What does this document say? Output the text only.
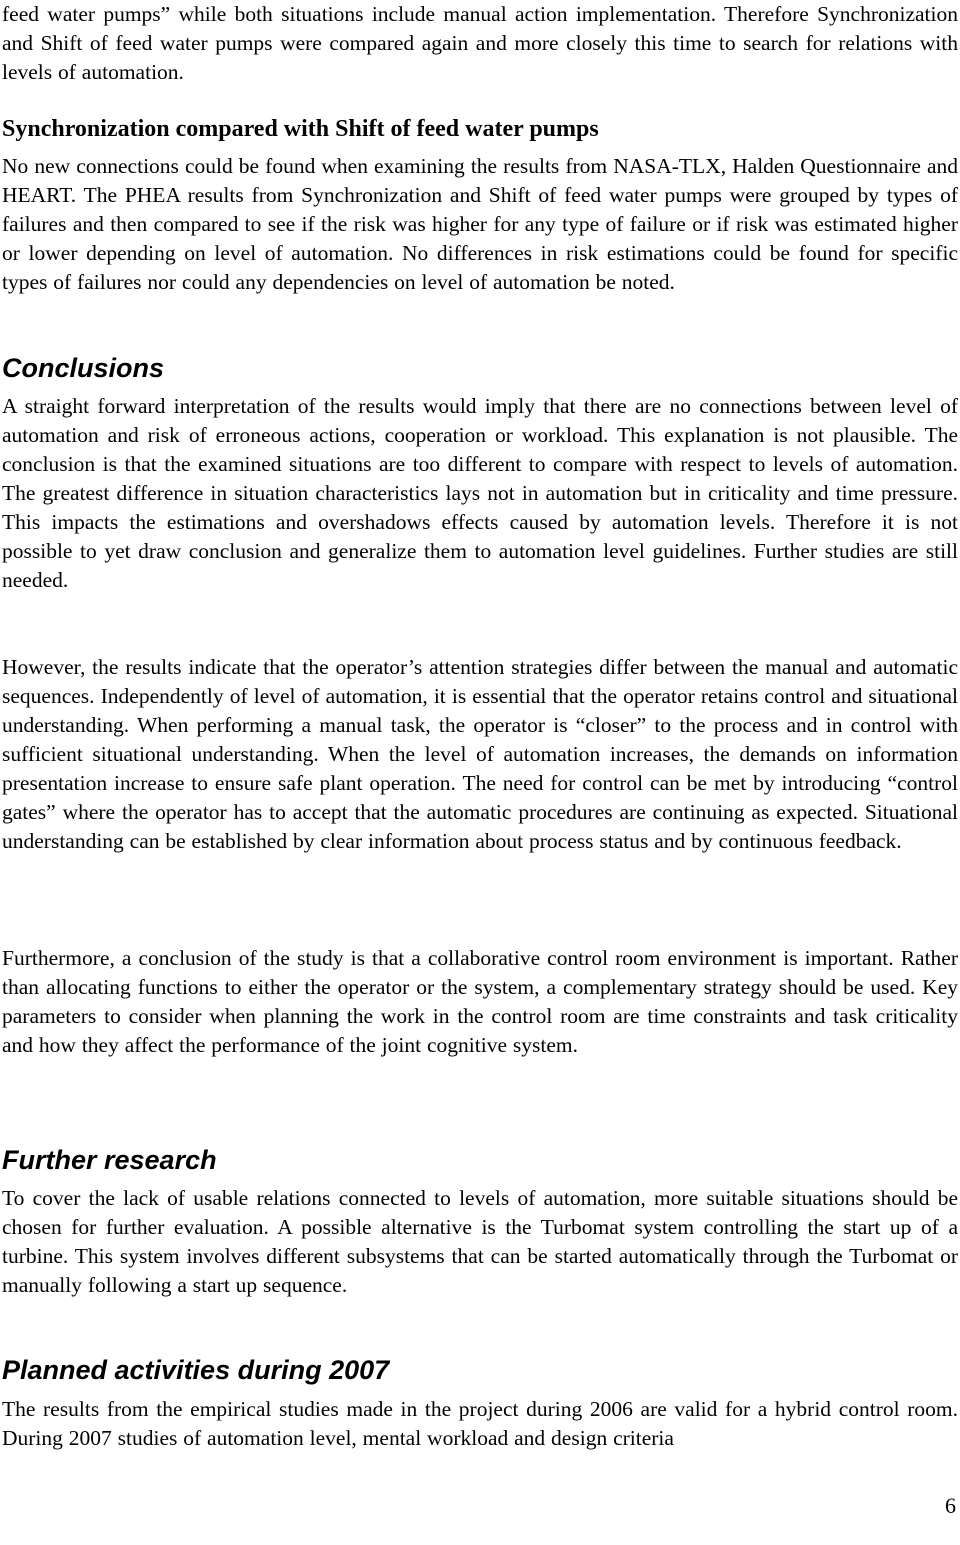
feed water pumps” while both situations include manual action implementation. Therefore Synchronization and Shift of feed water pumps were compared again and more closely this time to search for relations with levels of automation.

Synchronization compared with Shift of feed water pumps

No new connections could be found when examining the results from NASA-TLX, Halden Questionnaire and HEART. The PHEA results from Synchronization and Shift of feed water pumps were grouped by types of failures and then compared to see if the risk was higher for any type of failure or if risk was estimated higher or lower depending on level of automation. No differences in risk estimations could be found for specific types of failures nor could any dependencies on level of automation be noted.

Conclusions

A straight forward interpretation of the results would imply that there are no connections between level of automation and risk of erroneous actions, cooperation or workload. This explanation is not plausible. The conclusion is that the examined situations are too different to compare with respect to levels of automation. The greatest difference in situation characteristics lays not in automation but in criticality and time pressure. This impacts the estimations and overshadows effects caused by automation levels. Therefore it is not possible to yet draw conclusion and generalize them to automation level guidelines. Further studies are still needed.

However, the results indicate that the operator’s attention strategies differ between the manual and automatic sequences. Independently of level of automation, it is essential that the operator retains control and situational understanding. When performing a manual task, the operator is “closer” to the process and in control with sufficient situational understanding. When the level of automation increases, the demands on information presentation increase to ensure safe plant operation. The need for control can be met by introducing “control gates” where the operator has to accept that the automatic procedures are continuing as expected. Situational understanding can be established by clear information about process status and by continuous feedback.

Furthermore, a conclusion of the study is that a collaborative control room environment is important. Rather than allocating functions to either the operator or the system, a complementary strategy should be used. Key parameters to consider when planning the work in the control room are time constraints and task criticality and how they affect the performance of the joint cognitive system.

Further research

To cover the lack of usable relations connected to levels of automation, more suitable situations should be chosen for further evaluation. A possible alternative is the Turbomat system controlling the start up of a turbine. This system involves different subsystems that can be started automatically through the Turbomat or manually following a start up sequence.

Planned activities during 2007

The results from the empirical studies made in the project during 2006 are valid for a hybrid control room. During 2007 studies of automation level, mental workload and design criteria

6
